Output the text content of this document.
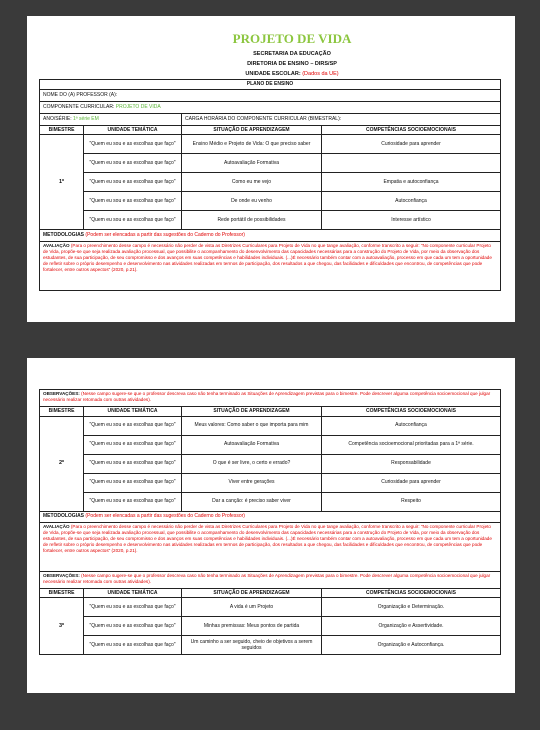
PROJETO DE VIDA
SECRETARIA DA EDUCAÇÃO
DIRETORIA DE ENSINO – DIRS/SP
UNIDADE ESCOLAR: (Dados da UE)
PLANO DE ENSINO			
NOME DO (A) PROFESSOR (A):			
COMPONENTE CURRICULAR: PROJETO DE VIDA			
ANO/SÉRIE: 1ª série EM		CARGA HORÁRIA DO COMPONENTE CURRICULAR (BIMESTRAL):	
BIMESTRE	UNIDADE TEMÁTICA	SITUAÇÃO DE APRENDIZAGEM	COMPETÊNCIAS SOCIOEMOCIONAIS
1º	"Quem eu sou e as escolhas que faço"	Ensino Médio e Projeto de Vida: O que preciso saber	Curiosidade para aprender
	"Quem eu sou e as escolhas que faço"	Autoavaliação Formativa	
	"Quem eu sou e as escolhas que faço"	Como eu me vejo	Empatia e autoconfiança
	"Quem eu sou e as escolhas que faço"	De onde eu venho	Autoconfiança
	"Quem eu sou e as escolhas que faço"	Rede portátil de possibilidades	Interesse artístico
METODOLOGIAS (Podem ser elencadas a partir das sugestões do Caderno do Professor)			
AVALIAÇÃO (Para o preenchimento desse campo é necessário não perder de vista as Diretrizes Curriculares para Projeto de Vida no que tange avaliação, conforme transcrito a seguir: "No componente curricular Projeto de Vida, propõe-se que seja realizada avaliação processual, que possibilite o acompanhamento do desenvolvimento das capacidades necessárias para a construção do Projeto de Vida, por meio da observação dos estudantes, de sua participação, de seu compromisso e dos avanços em suas competências e habilidades individuais. (...)É necessário também contar com a autoavaliação, processo em que cada um tem a oportunidade de refletir sobre o próprio desempenho e desenvolvimento nas atividades realizadas em termos de participação, dos resultados a que chegou, das facilidades e dificuldades que encontrou, de competências que pode fortalecer, entre outros aspectos" (2020, p.21).			
OBSERVAÇÕES: (Nesse campo sugere-se que o professor descreva caso não tenha terminado as Situações de Aprendizagem previstas para o bimestre. Pode descrever alguma competência socioemocional que julgar necessário realizar retomada com outras atividades).			
BIMESTRE	UNIDADE TEMÁTICA	SITUAÇÃO DE APRENDIZAGEM	COMPETÊNCIAS SOCIOEMOCIONAIS
2º	"Quem eu sou e as escolhas que faço"	Meus valores: Como saber o que importa para mim	Autoconfiança
	"Quem eu sou e as escolhas que faço"	Autoavaliação Formativa	Competência socioemocional prioritadas para a 1ª série.
	"Quem eu sou e as escolhas que faço"	O que é ser livre, o certo e errado?	Responsabilidade
	"Quem eu sou e as escolhas que faço"	Viver entre gerações	Curiosidade para aprender
	"Quem eu sou e as escolhas que faço"	Dar a canção: é preciso saber viver	Respeito
METODOLOGIAS (Podem ser elencadas a partir das sugestões do Caderno do Professor)			
AVALIAÇÃO (Para o preenchimento desse campo é necessário não perder de vista as Diretrizes Curriculares para Projeto de Vida no que tange avaliação, conforme transcrito a seguir: "No componente curricular Projeto de Vida, propõe-se que seja realizada avaliação processual, que possibilite o acompanhamento do desenvolvimento das capacidades necessárias para a construção do Projeto de Vida, por meio da observação dos estudantes, de sua participação, de seu compromisso e dos avanços em suas competências e habilidades individuais. (...)É necessário também contar com a autoavaliação, processo em que cada um tem a oportunidade de refletir sobre o próprio desempenho e desenvolvimento nas atividades realizadas em termos de participação, dos resultados a que chegou, das facilidades e dificuldades que encontrou, de competências que pode fortalecer, entre outros aspectos" (2020, p.21).			
OBSERVAÇÕES: (Nesse campo sugere-se que o professor descreva caso não tenha terminado as Situações de Aprendizagem previstas para o bimestre. Pode descrever alguma competência socioemocional que julgar necessário realizar retomada com outras atividades).			
BIMESTRE	UNIDADE TEMÁTICA	SITUAÇÃO DE APRENDIZAGEM	COMPETÊNCIAS SOCIOEMOCIONAIS
3º	"Quem eu sou e as escolhas que faço"	A vida é um Projeto	Organização e Determinação.
	"Quem eu sou e as escolhas que faço"	Minhas premissas: Meus pontos de partida	Organização e Assertividade.
	"Quem eu sou e as escolhas que faço"	Um caminho a ser seguido, cheio de objetivos a serem seguidos	Organização e Autoconfiança.
